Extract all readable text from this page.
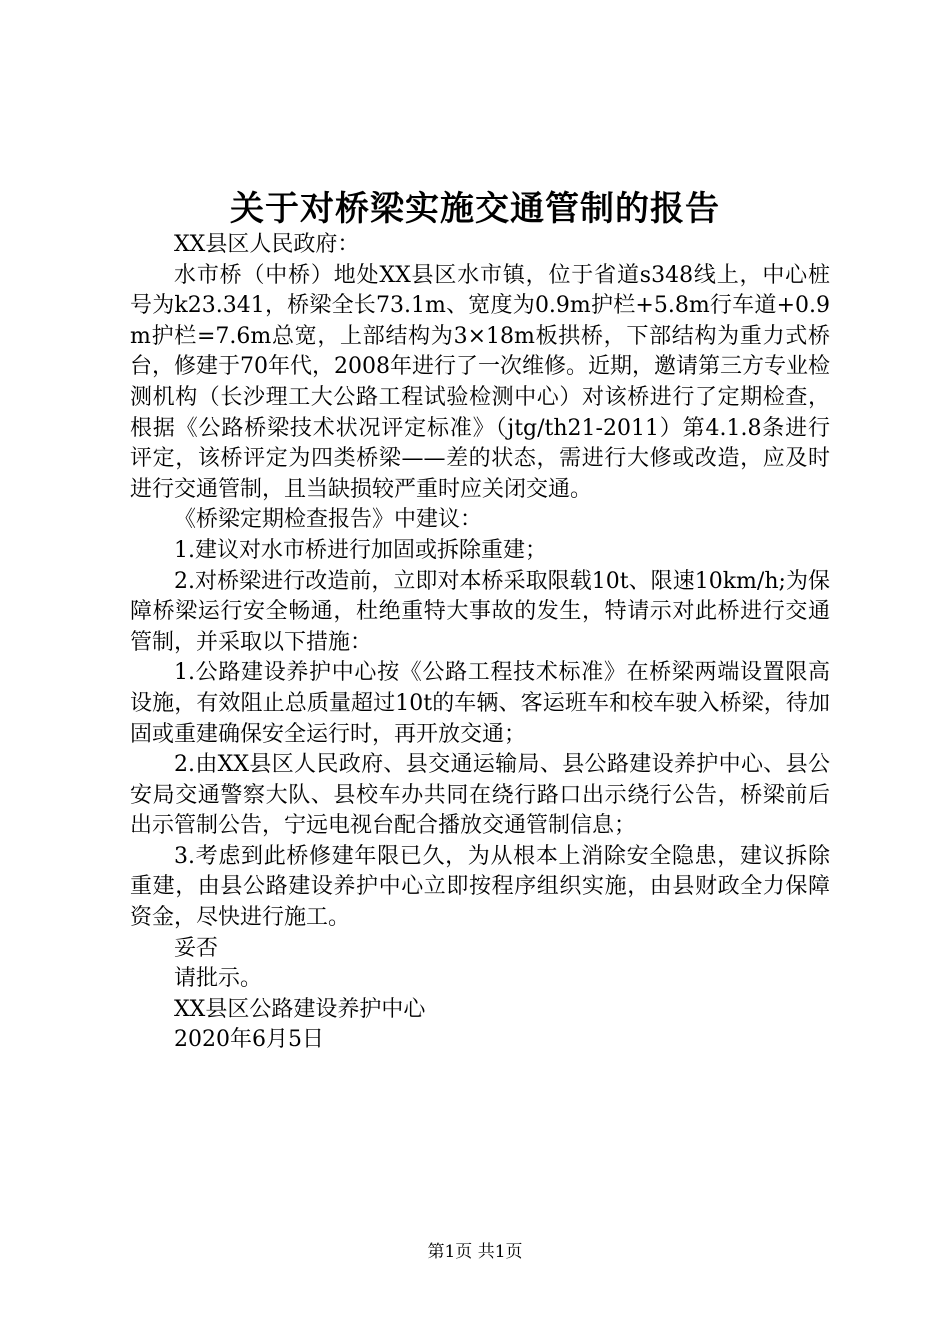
关于对桥梁实施交通管制的报告

XX县区人民政府：

水市桥（中桥）地处XX县区水市镇，位于省道s348线上，中心桩号为k23.341，桥梁全长73.1m、宽度为0.9m护栏+5.8m行车道+0.9m护栏=7.6m总宽，上部结构为3×18m板拱桥，下部结构为重力式桥台，修建于70年代，2008年进行了一次维修。近期，邀请第三方专业检测机构（长沙理工大公路工程试验检测中心）对该桥进行了定期检查，根据《公路桥梁技术状况评定标准》（jtg/th21-2011）第4.1.8条进行评定，该桥评定为四类桥梁——差的状态，需进行大修或改造，应及时进行交通管制，且当缺损较严重时应关闭交通。

《桥梁定期检查报告》中建议：

1.建议对水市桥进行加固或拆除重建；

2.对桥梁进行改造前，立即对本桥采取限载10t、限速10km/h;为保障桥梁运行安全畅通，杜绝重特大事故的发生，特请示对此桥进行交通管制，并采取以下措施：

1.公路建设养护中心按《公路工程技术标准》在桥梁两端设置限高设施，有效阻止总质量超过10t的车辆、客运班车和校车驶入桥梁，待加固或重建确保安全运行时，再开放交通；

2.由XX县区人民政府、县交通运输局、县公路建设养护中心、县公安局交通警察大队、县校车办共同在绕行路口出示绕行公告，桥梁前后出示管制公告，宁远电视台配合播放交通管制信息；

3.考虑到此桥修建年限已久，为从根本上消除安全隐患，建议拆除重建，由县公路建设养护中心立即按程序组织实施，由县财政全力保障资金，尽快进行施工。

妥否

请批示。

XX县区公路建设养护中心

2020年6月5日

第1页 共1页
